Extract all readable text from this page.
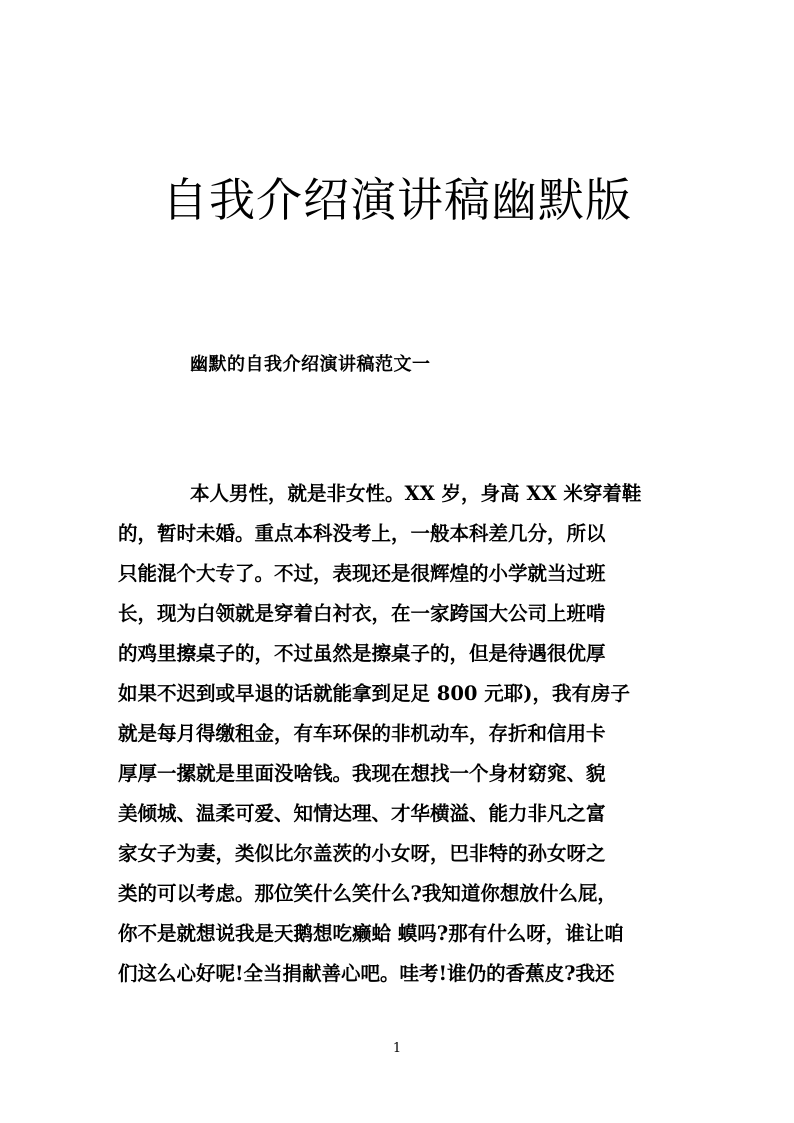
自我介绍演讲稿幽默版
幽默的自我介绍演讲稿范文一
本人男性，就是非女性。XX 岁，身高 XX 米穿着鞋
的，暂时未婚。重点本科没考上，一般本科差几分，所以
只能混个大专了。不过，表现还是很辉煌的小学就当过班
长，现为白领就是穿着白衬衣，在一家跨国大公司上班啃
的鸡里擦桌子的，不过虽然是擦桌子的，但是待遇很优厚
如果不迟到或早退的话就能拿到足足 800 元耶)，我有房子
就是每月得缴租金，有车环保的非机动车，存折和信用卡
厚厚一摞就是里面没啥钱。我现在想找一个身材窈窕、貌
美倾城、温柔可爱、知情达理、才华横溢、能力非凡之富
家女子为妻，类似比尔盖茨的小女呀，巴非特的孙女呀之
类的可以考虑。那位笑什么笑什么?我知道你想放什么屁，
你不是就想说我是天鹅想吃癞蛤 蟆吗?那有什么呀，谁让咱
们这么心好呢!全当捐献善心吧。哇考!谁仍的香蕉皮?我还
1
